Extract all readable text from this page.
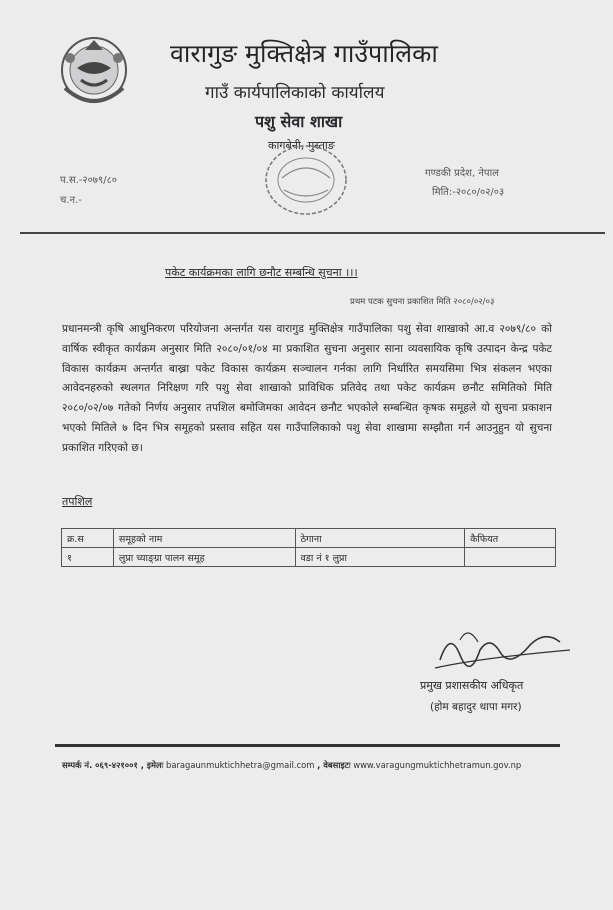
वारागुङ मुक्तिक्षेत्र गाउँपालिका
गाउँ कार्यपालिकाको कार्यालय
पशु सेवा शाखा
कागबेनी, मुस्ताङ
प.स.-२०७९/८०
च.न.-
गण्डकी प्रदेश, नेपाल
मिति:-२०८०/०२/०३
पकेट कार्यक्रमका लागि छनौट सम्बन्धि सुचना ।।।
प्रथम पटक सुचना प्रकाशित मिति २०८०/०२/०३
प्रधानमन्त्री कृषि आधुनिकरण परियोजना अन्तर्गत यस वारागुड मुक्तिक्षेत्र गाउँपालिका पशु सेवा शाखाको आ.व २०७९/८० को वार्षिक स्वीकृत कार्यक्रम अनुसार मिति २०८०/०१/०४ मा प्रकाशित सुचना अनुसार साना व्यवसायिक कृषि उत्पादन केन्द्र पकेट विकास कार्यक्रम अन्तर्गत बाख्रा पकेट विकास कार्यक्रम सञ्चालन गर्नका लागि निर्धारित समयसिमा भित्र संकलन भएका आवेदनहरुको स्थलगत निरिक्षण गरि पशु सेवा शाखाको प्राविधिक प्रतिवेद तथा पकेट कार्यक्रम छनौट समितिको मिति २०८०/०२/०७ गतेको निर्णय अनुसार तपशिल बमोजिमका आवेदन छनौट भएकोले सम्बन्धित कृषक समूहले यो सुचना प्रकाशन भएको मितिले ७ दिन भित्र समूहको प्रस्ताव सहित यस गाउँपालिकाको पशु सेवा शाखामा सम्झौता गर्न आउनुहुन यो सुचना प्रकाशित गरिएको छ।
तपशिल
क्र.स	समूहको नाम	ठेगाना	कैफियत
१	लुप्रा च्याङ्ग्रा पालन समूह	वडा नं १ लुप्रा	
प्रमुख प्रशासकीय अधिकृत
(होम बहादुर थापा मगर)
सम्पर्क नं. ०६९-४२१००१ , इमेलः baragaunmuktichhetra@gmail.com , वेबसाइटः www.varagungmuktichhetramun.gov.np
